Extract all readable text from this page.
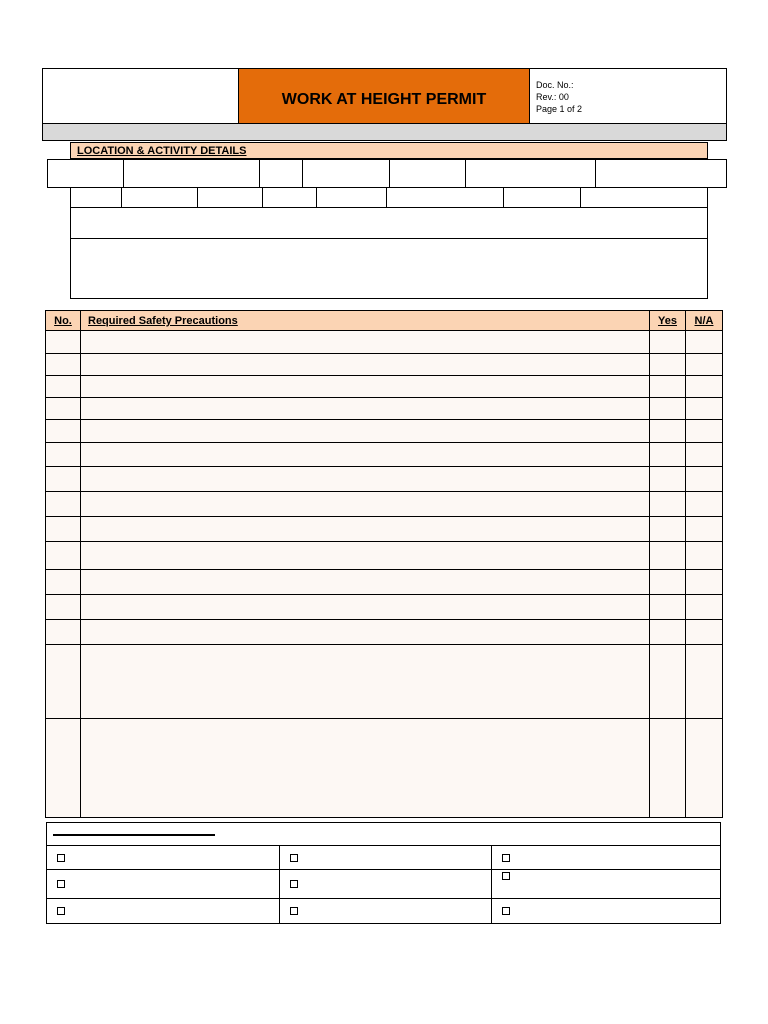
WORK AT HEIGHT PERMIT
Doc. No.:
Rev.: 00
Page 1 of 2
LOCATION & ACTIVITY DETAILS
No.	Required Safety Precautions	Yes	N/A
